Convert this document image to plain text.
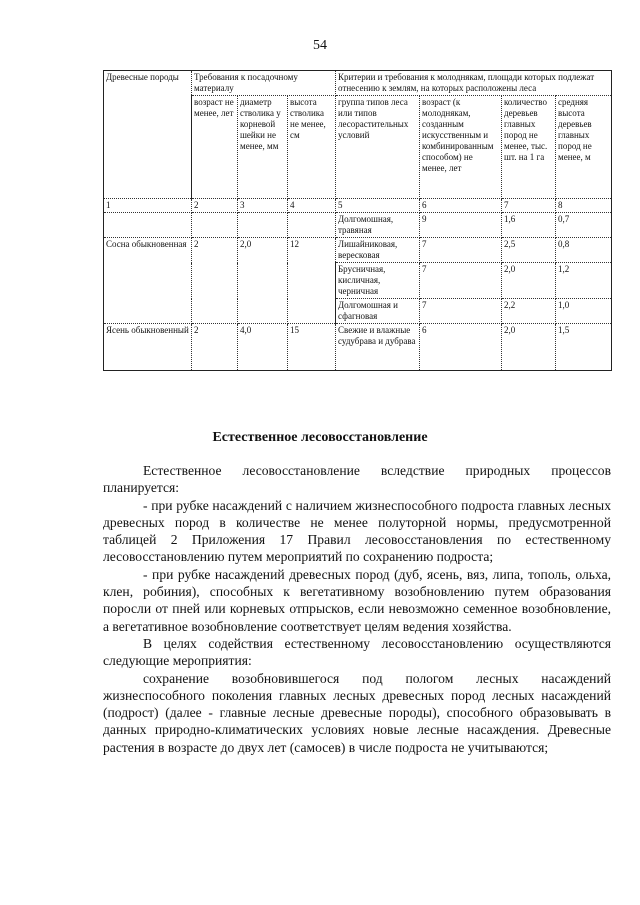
54
Древесные породы	Требования к посадочному материалу			Критерии и требования к молоднякам, площади которых подлежат отнесению к землям, на которых расположены леса			
	возраст не менее, лет	диаметр стволика у корневой шейки не менее, мм	высота стволика не менее, см	группа типов леса или типов лесорастительных условий	возраст (к молоднякам, созданным искусственным и комбинированным способом) не менее, лет	количество деревьев главных пород не менее, тыс. шт. на 1 га	средняя высота деревьев главных пород не менее, м
1	2	3	4	5	6	7	8
				Долгомошная, травяная	9	1,6	0,7
Сосна обыкновенная	2	2,0	12	Лишайниковая, вересковая	7	2,5	0,8
				Брусничная, кисличная, черничная	7	2,0	1,2
				Долгомошная и сфагновая	7	2,2	1,0
Ясень обыкновенный	2	4,0	15	Свежие и влажные судубрава и дубрава	6	2,0	1,5
Естественное лесовосстановление

Естественное лесовосстановление вследствие природных процессов планируется:

- при рубке насаждений с наличием жизнеспособного подроста главных лесных древесных пород в количестве не менее полуторной нормы, предусмотренной таблицей 2 Приложения 17 Правил лесовосстановления по естественному лесовосстановлению путем мероприятий по сохранению подроста;

- при рубке насаждений древесных пород (дуб, ясень, вяз, липа, тополь, ольха, клен, робиния), способных к вегетативному возобновлению путем образования поросли от пней или корневых отпрысков, если невозможно семенное возобновление, а вегетативное возобновление соответствует целям ведения хозяйства.

В целях содействия естественному лесовосстановлению осуществляются следующие мероприятия:

сохранение возобновившегося под пологом лесных насаждений жизнеспособного поколения главных лесных древесных пород лесных насаждений (подрост) (далее - главные лесные древесные породы), способного образовывать в данных природно-климатических условиях новые лесные насаждения. Древесные растения в возрасте до двух лет (самосев) в числе подроста не учитываются;
